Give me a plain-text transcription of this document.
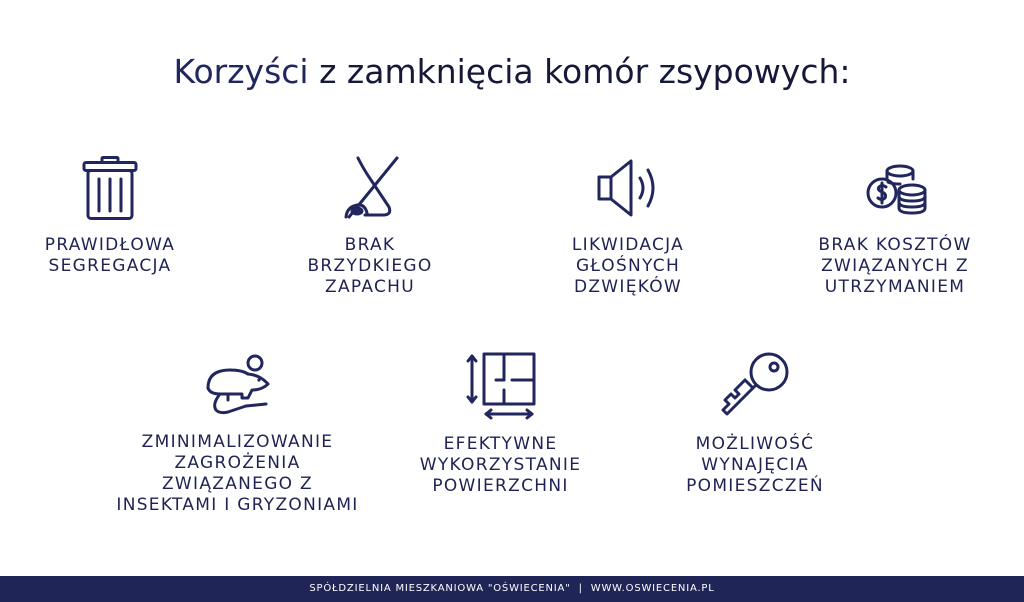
Korzyści z zamknięcia komór zsypowych:
PRAWIDŁOWA
SEGREGACJA
BRAK
BRZYDKIEGO
ZAPACHU
LIKWIDACJA
GŁOŚNYCH
DZWIĘKÓW
BRAK KOSZTÓW
ZWIĄZANYCH Z
UTRZYMANIEM
ZMINIMALIZOWANIE
ZAGROŻENIA
ZWIĄZANEGO Z
INSEKTAMI I GRYZONIAMI
EFEKTYWNE
WYKORZYSTANIE
POWIERZCHNI
MOŻLIWOŚĆ
WYNAJĘCIA
POMIESZCZEŃ
SPÓŁDZIELNIA MIESZKANIOWA "OŚWIECENIA" | WWW.OSWIECENIA.PL
